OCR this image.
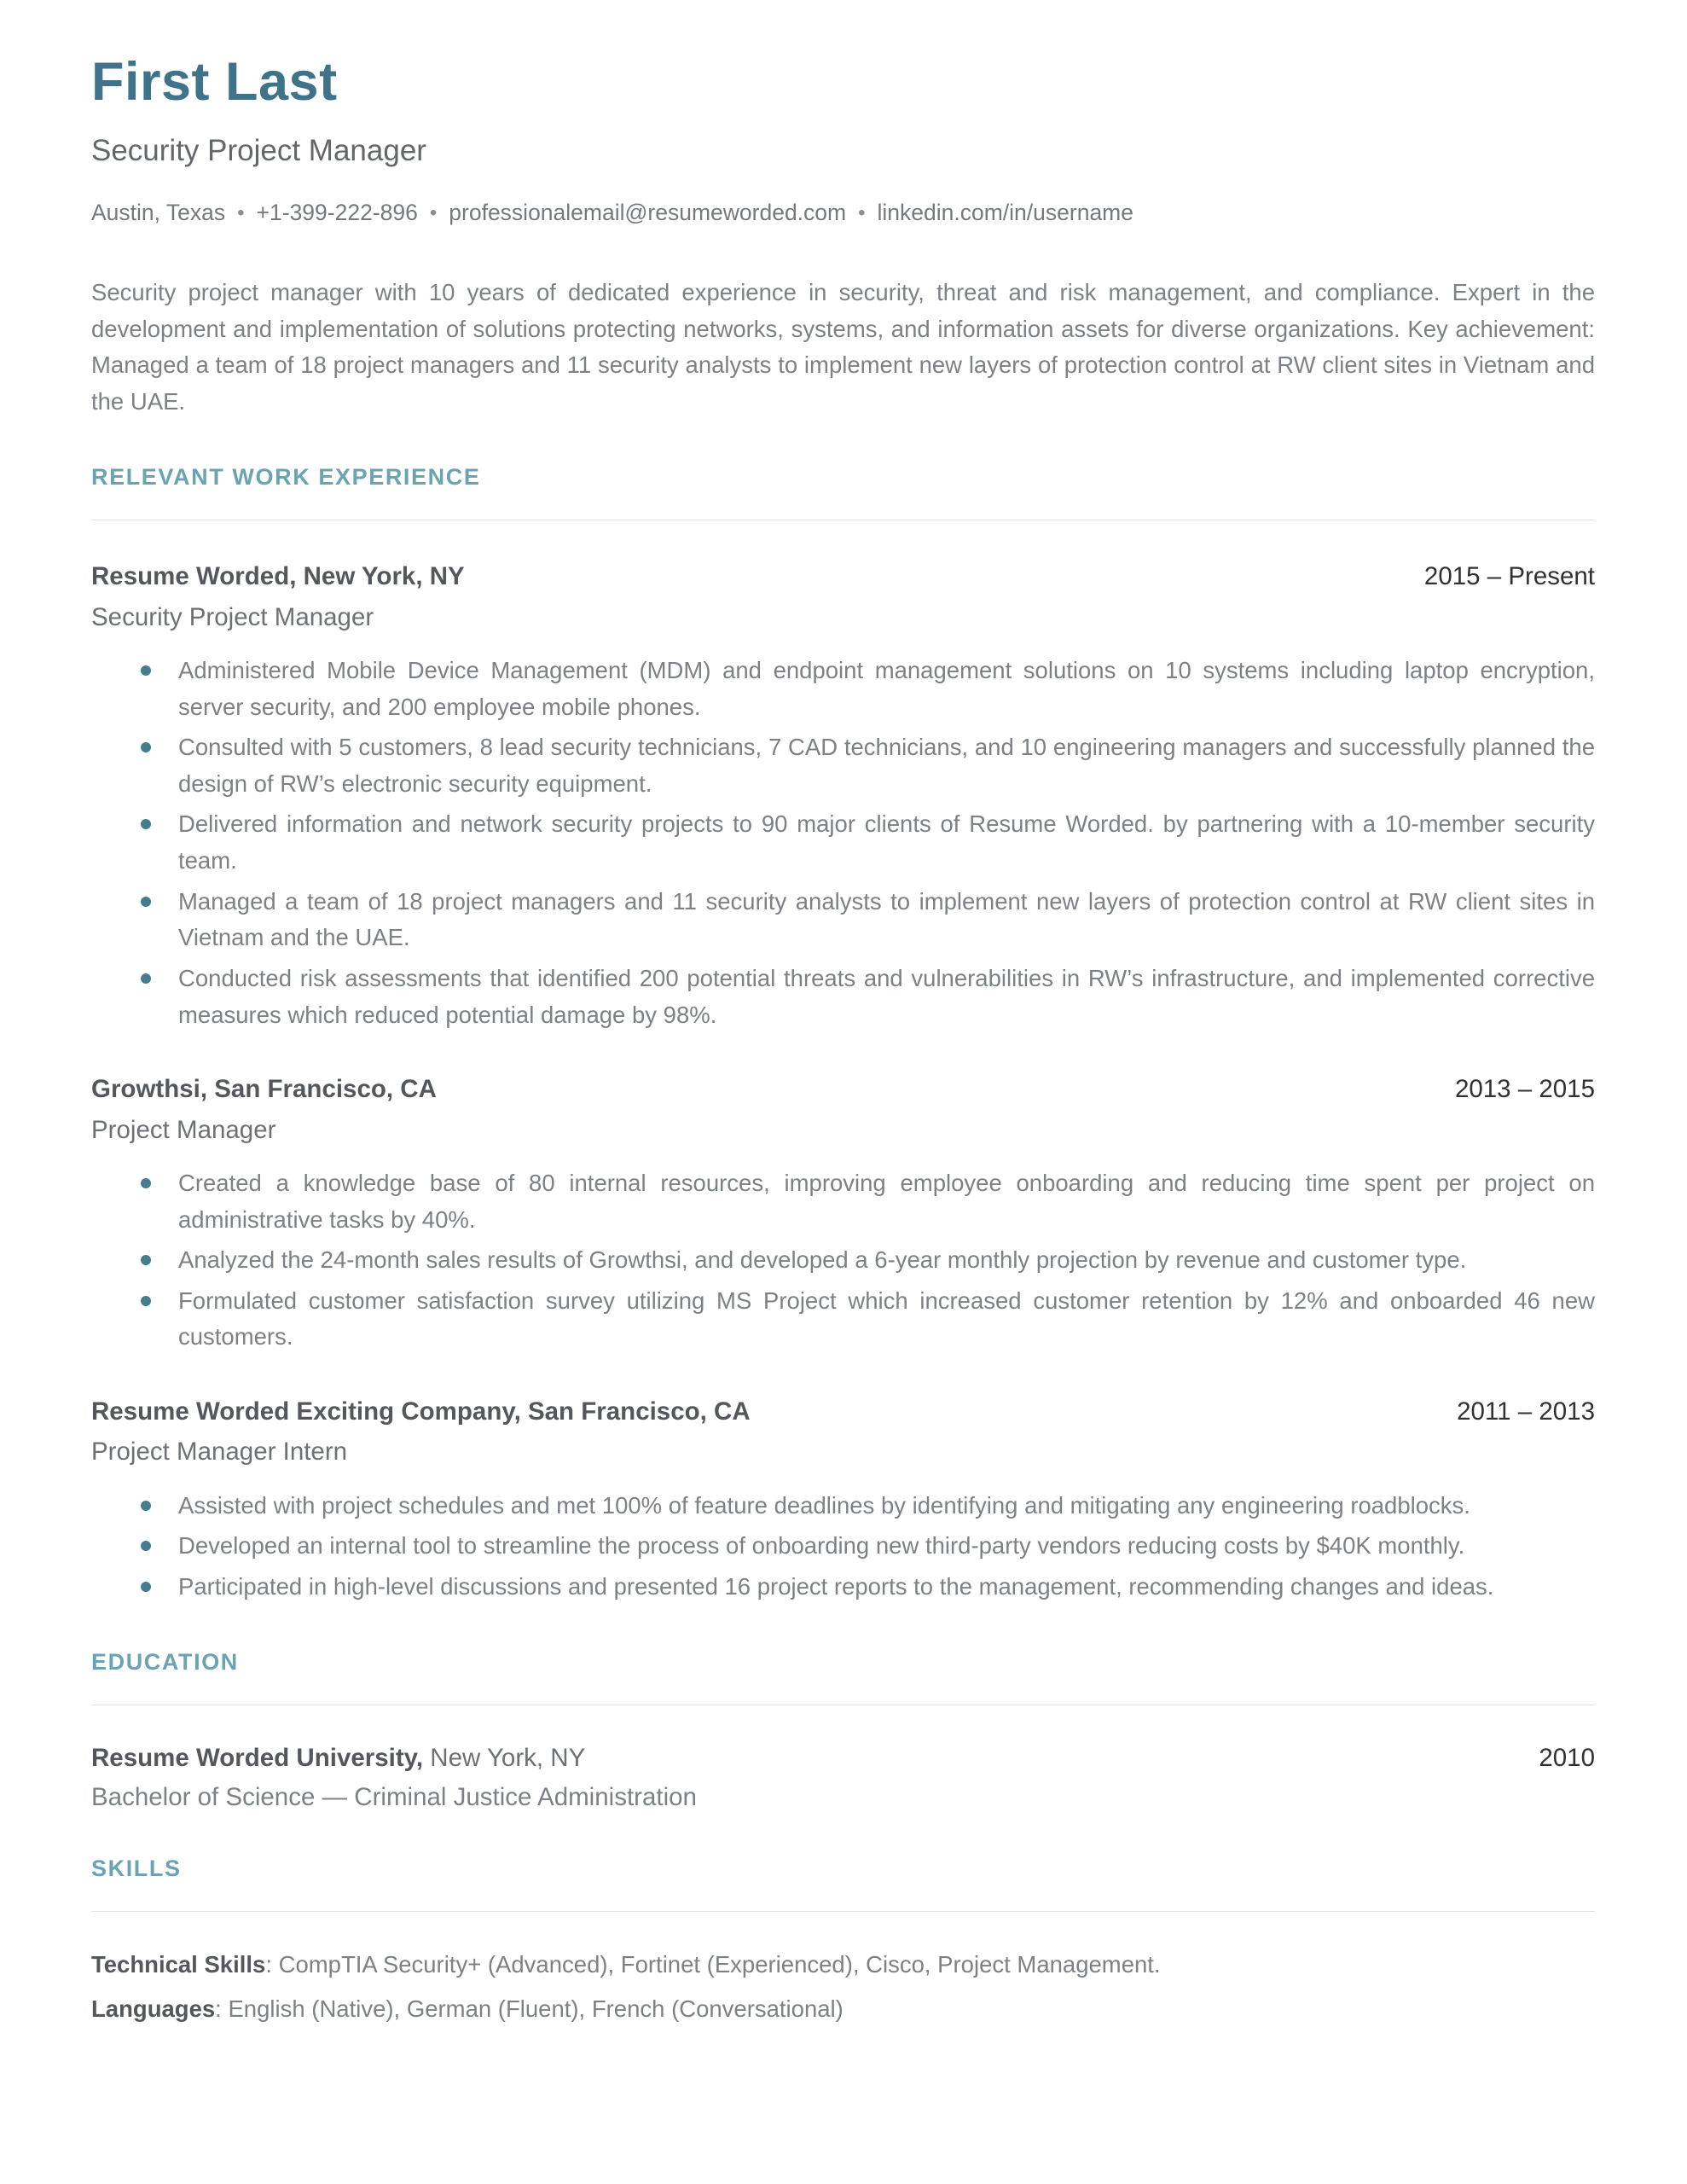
First Last
Security Project Manager
Austin, Texas • +1-399-222-896 • professionalemail@resumeworded.com • linkedin.com/in/username
Security project manager with 10 years of dedicated experience in security, threat and risk management, and compliance. Expert in the development and implementation of solutions protecting networks, systems, and information assets for diverse organizations. Key achievement: Managed a team of 18 project managers and 11 security analysts to implement new layers of protection control at RW client sites in Vietnam and the UAE.
RELEVANT WORK EXPERIENCE
Resume Worded, New York, NY	2015 – Present
Security Project Manager
Administered Mobile Device Management (MDM) and endpoint management solutions on 10 systems including laptop encryption, server security, and 200 employee mobile phones.
Consulted with 5 customers, 8 lead security technicians, 7 CAD technicians, and 10 engineering managers and successfully planned the design of RW’s electronic security equipment.
Delivered information and network security projects to 90 major clients of Resume Worded. by partnering with a 10-member security team.
Managed a team of 18 project managers and 11 security analysts to implement new layers of protection control at RW client sites in Vietnam and the UAE.
Conducted risk assessments that identified 200 potential threats and vulnerabilities in RW’s infrastructure, and implemented corrective measures which reduced potential damage by 98%.
Growthsi, San Francisco, CA	2013 – 2015
Project Manager
Created a knowledge base of 80 internal resources, improving employee onboarding and reducing time spent per project on administrative tasks by 40%.
Analyzed the 24-month sales results of Growthsi, and developed a 6-year monthly projection by revenue and customer type.
Formulated customer satisfaction survey utilizing MS Project which increased customer retention by 12% and onboarded 46 new customers.
Resume Worded Exciting Company, San Francisco, CA	2011 – 2013
Project Manager Intern
Assisted with project schedules and met 100% of feature deadlines by identifying and mitigating any engineering roadblocks.
Developed an internal tool to streamline the process of onboarding new third-party vendors reducing costs by $40K monthly.
Participated in high-level discussions and presented 16 project reports to the management, recommending changes and ideas.
EDUCATION
Resume Worded University, New York, NY	2010
Bachelor of Science — Criminal Justice Administration
SKILLS
Technical Skills: CompTIA Security+ (Advanced), Fortinet (Experienced), Cisco, Project Management.
Languages: English (Native), German (Fluent), French (Conversational)
